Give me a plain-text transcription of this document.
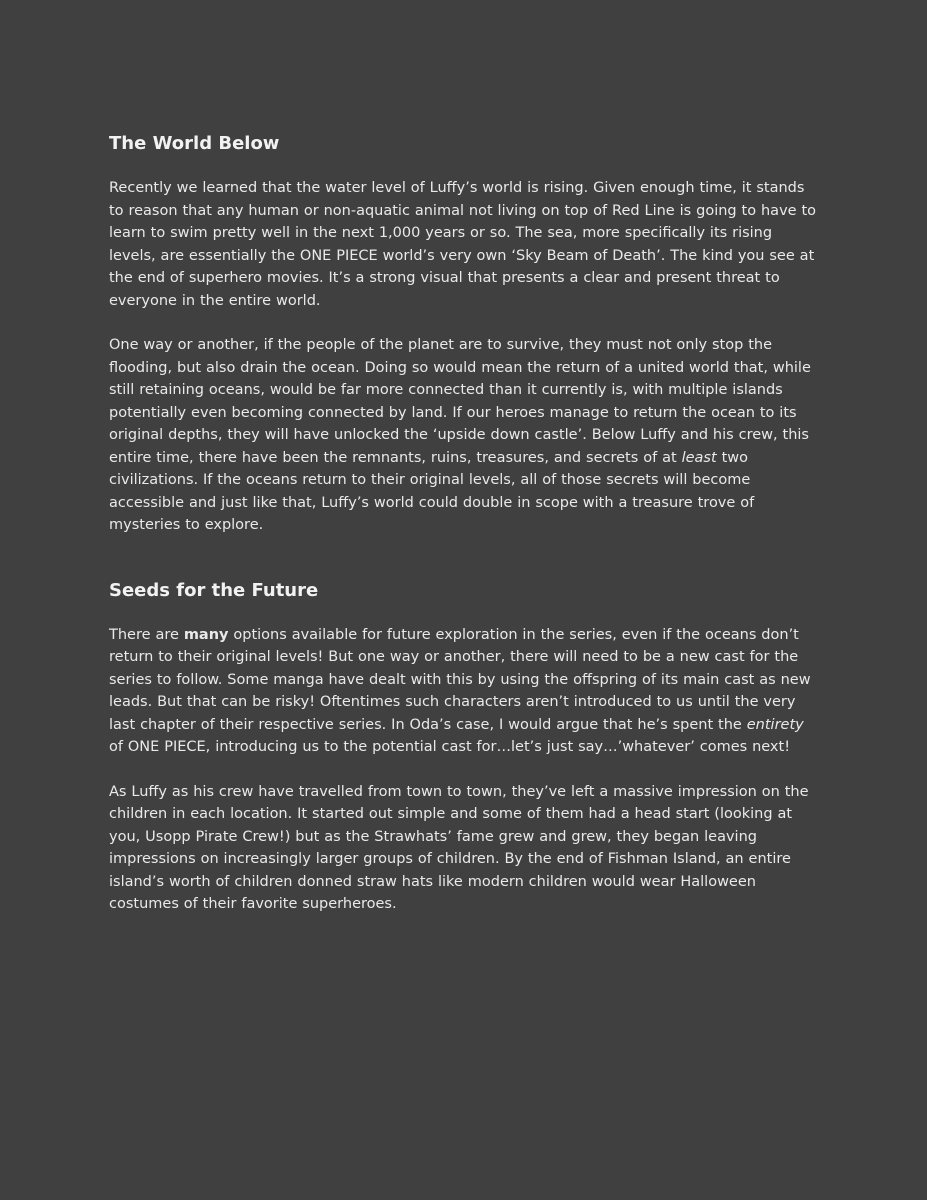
The World Below

Recently we learned that the water level of Luffy’s world is rising. Given enough time, it stands to reason that any human or non-aquatic animal not living on top of Red Line is going to have to learn to swim pretty well in the next 1,000 years or so. The sea, more specifically its rising levels, are essentially the ONE PIECE world’s very own ‘Sky Beam of Death’. The kind you see at the end of superhero movies. It’s a strong visual that presents a clear and present threat to everyone in the entire world.

One way or another, if the people of the planet are to survive, they must not only stop the flooding, but also drain the ocean. Doing so would mean the return of a united world that, while still retaining oceans, would be far more connected than it currently is, with multiple islands potentially even becoming connected by land. If our heroes manage to return the ocean to its original depths, they will have unlocked the ‘upside down castle’. Below Luffy and his crew, this entire time, there have been the remnants, ruins, treasures, and secrets of at least two civilizations. If the oceans return to their original levels, all of those secrets will become accessible and just like that, Luffy’s world could double in scope with a treasure trove of mysteries to explore.

Seeds for the Future

There are many options available for future exploration in the series, even if the oceans don’t return to their original levels! But one way or another, there will need to be a new cast for the series to follow. Some manga have dealt with this by using the offspring of its main cast as new leads. But that can be risky! Oftentimes such characters aren’t introduced to us until the very last chapter of their respective series. In Oda’s case, I would argue that he’s spent the entirety of ONE PIECE, introducing us to the potential cast for…let’s just say…’whatever’ comes next!

As Luffy as his crew have travelled from town to town, they’ve left a massive impression on the children in each location. It started out simple and some of them had a head start (looking at you, Usopp Pirate Crew!) but as the Strawhats’ fame grew and grew, they began leaving impressions on increasingly larger groups of children. By the end of Fishman Island, an entire island’s worth of children donned straw hats like modern children would wear Halloween costumes of their favorite superheroes.
